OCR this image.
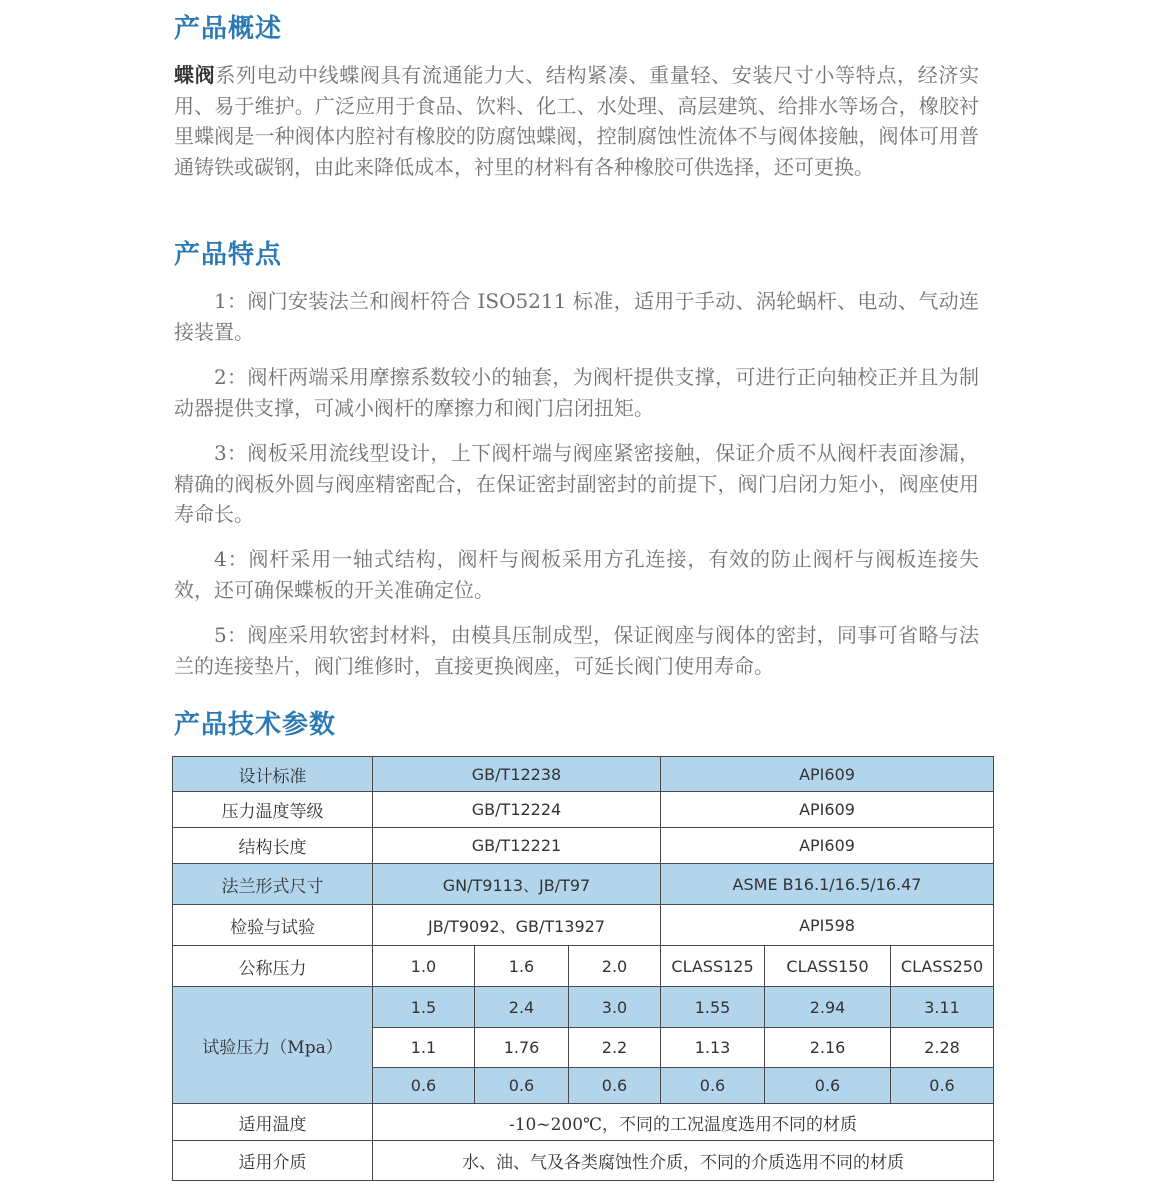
产品概述

蝶阀系列电动中线蝶阀具有流通能力大、结构紧凑、重量轻、安装尺寸小等特点，经济实用、易于维护。广泛应用于食品、饮料、化工、水处理、高层建筑、给排水等场合，橡胶衬里蝶阀是一种阀体内腔衬有橡胶的防腐蚀蝶阀，控制腐蚀性流体不与阀体接触，阀体可用普通铸铁或碳钢，由此来降低成本，衬里的材料有各种橡胶可供选择，还可更换。

产品特点

1：阀门安装法兰和阀杆符合 ISO5211 标准，适用于手动、涡轮蜗杆、电动、气动连接装置。

2：阀杆两端采用摩擦系数较小的轴套，为阀杆提供支撑，可进行正向轴校正并且为制动器提供支撑，可减小阀杆的摩擦力和阀门启闭扭矩。

3：阀板采用流线型设计，上下阀杆端与阀座紧密接触，保证介质不从阀杆表面渗漏，精确的阀板外圆与阀座精密配合，在保证密封副密封的前提下，阀门启闭力矩小，阀座使用寿命长。

4：阀杆采用一轴式结构，阀杆与阀板采用方孔连接，有效的防止阀杆与阀板连接失效，还可确保蝶板的开关准确定位。

5：阀座采用软密封材料，由模具压制成型，保证阀座与阀体的密封，同事可省略与法兰的连接垫片，阀门维修时，直接更换阀座，可延长阀门使用寿命。

产品技术参数
设计标准	GB/T12238			API609		
压力温度等级	GB/T12224			API609		
结构长度	GB/T12221			API609		
法兰形式尺寸	GN/T9113、JB/T97			ASME B16.1/16.5/16.47		
检验与试验	JB/T9092、GB/T13927			API598		
公称压力	1.0	1.6	2.0	CLASS125	CLASS150	CLASS250
试验压力（Mpa）	1.5	2.4	3.0	1.55	2.94	3.11
	1.1	1.76	2.2	1.13	2.16	2.28
	0.6	0.6	0.6	0.6	0.6	0.6
适用温度	-10~200℃，不同的工况温度选用不同的材质					
适用介质	水、油、气及各类腐蚀性介质，不同的介质选用不同的材质					
